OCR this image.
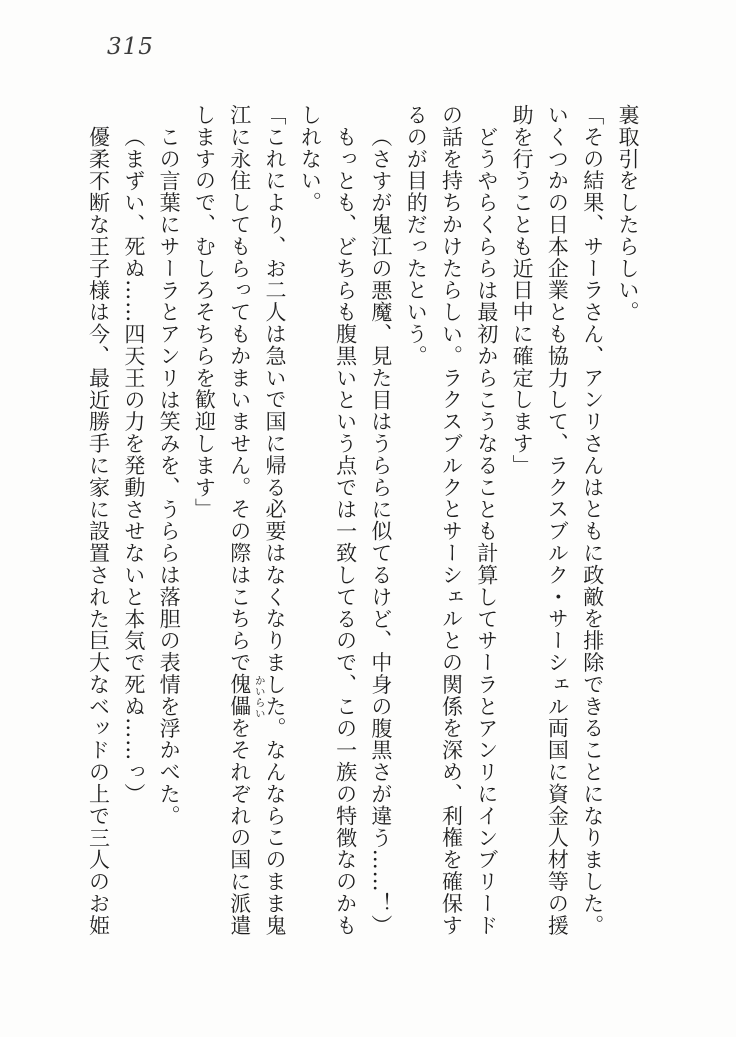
315
裏取引をしたらしい。
「その結果、サーラさん、アンリさんはともに政敵を排除できることになりました。
いくつかの日本企業とも協力して、ラクスブルク・サーシェル両国に資金人材等の援
助を行うことも近日中に確定します」
どうやらくららは最初からこうなることも計算してサーラとアンリにインブリード
の話を持ちかけたらしい。ラクスブルクとサーシェルとの関係を深め、利権を確保す
るのが目的だったという。
（さすが鬼江の悪魔、見た目はうららに似てるけど、中身の腹黒さが違う……！）
もっとも、どちらも腹黒いという点では一致してるので、この一族の特徴なのかも
しれない。
「これにより、お二人は急いで国に帰る必要はなくなりました。なんならこのまま鬼
江に永住してもらってもかまいません。その際はこちらで傀儡 かいらい
をそれぞれの国に派遣
しますので、むしろそちらを歓迎します」
この言葉にサーラとアンリは笑みを、うららは落胆の表情を浮かべた。
（まずい、死ぬ……四天王の力を発動させないと本気で死ぬ……っ）
優柔不断な王子様は今、最近勝手に家に設置された巨大なベッドの上で三人のお姫
